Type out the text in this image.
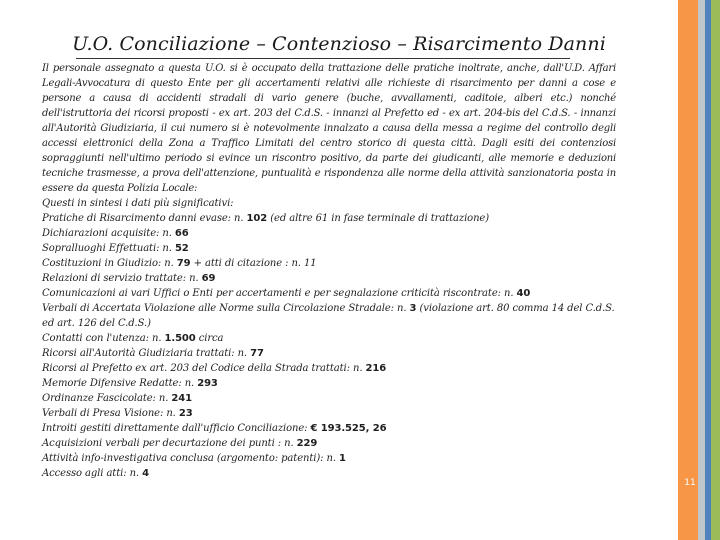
U.O. Conciliazione – Contenzioso – Risarcimento Danni

Il personale assegnato a questa U.O. si è occupato della trattazione delle pratiche inoltrate, anche, dall'U.D. Affari Legali-Avvocatura di questo Ente per gli accertamenti relativi alle richieste di risarcimento per danni a cose e persone a causa di accidenti stradali di vario genere (buche, avvallamenti, caditoie, alberi etc.) nonché dell'istruttoria dei ricorsi proposti - ex art. 203 del C.d.S. - innanzi al Prefetto ed - ex art. 204-bis del C.d.S. - innanzi all'Autorità Giudiziaria, il cui numero si è notevolmente innalzato a causa della messa a regime del controllo degli accessi elettronici della Zona a Traffico Limitati del centro storico di questa città. Dagli esiti dei contenziosi sopraggiunti nell'ultimo periodo si evince un riscontro positivo, da parte dei giudicanti, alle memorie e deduzioni tecniche trasmesse, a prova dell'attenzione, puntualità e rispondenza alle norme della attività sanzionatoria posta in essere da questa Polizia Locale:

Questi in sintesi i dati più significativi:

Pratiche di Risarcimento danni evase: n. 102 (ed altre 61 in fase terminale di trattazione)

Dichiarazioni acquisite: n. 66

Sopralluoghi Effettuati: n. 52

Costituzioni in Giudizio: n. 79 + atti di citazione : n. 11

Relazioni di servizio trattate: n. 69

Comunicazioni ai vari Uffici o Enti per accertamenti e per segnalazione criticità riscontrate: n. 40

Verbali di Accertata Violazione alle Norme sulla Circolazione Stradale: n. 3 (violazione art. 80 comma 14 del C.d.S.

ed art. 126 del C.d.S.)

Contatti con l'utenza: n. 1.500 circa

Ricorsi all'Autorità Giudiziaria trattati: n. 77

Ricorsi al Prefetto ex art. 203 del Codice della Strada trattati: n. 216

Memorie Difensive Redatte: n. 293

Ordinanze Fascicolate: n. 241

Verbali di Presa Visione: n. 23

Introiti gestiti direttamente dall'ufficio Conciliazione: € 193.525, 26

Acquisizioni verbali per decurtazione dei punti : n. 229

Attività info-investigativa conclusa (argomento: patenti): n. 1

Accesso agli atti: n. 4

11
